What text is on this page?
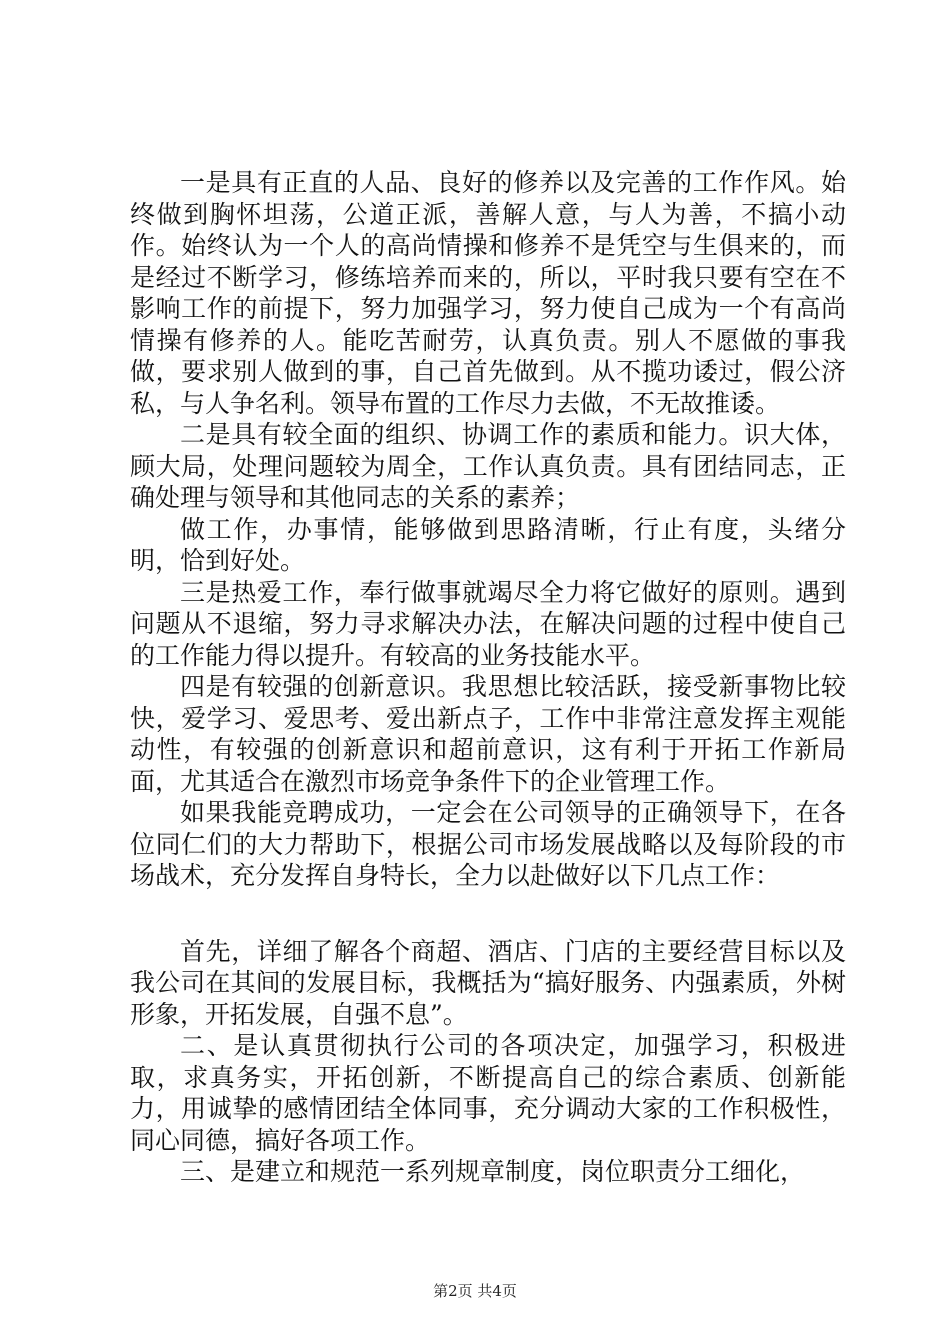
一是具有正直的人品、良好的修养以及完善的工作作风。始终做到胸怀坦荡，公道正派，善解人意，与人为善，不搞小动作。始终认为一个人的高尚情操和修养不是凭空与生俱来的，而是经过不断学习，修练培养而来的，所以，平时我只要有空在不影响工作的前提下，努力加强学习，努力使自己成为一个有高尚情操有修养的人。能吃苦耐劳，认真负责。别人不愿做的事我做，要求别人做到的事，自己首先做到。从不揽功诿过，假公济私，与人争名利。领导布置的工作尽力去做，不无故推诿。

二是具有较全面的组织、协调工作的素质和能力。识大体，顾大局，处理问题较为周全，工作认真负责。具有团结同志，正确处理与领导和其他同志的关系的素养；

做工作，办事情，能够做到思路清晰，行止有度，头绪分明，恰到好处。

三是热爱工作，奉行做事就竭尽全力将它做好的原则。遇到问题从不退缩，努力寻求解决办法，在解决问题的过程中使自己的工作能力得以提升。有较高的业务技能水平。

四是有较强的创新意识。我思想比较活跃，接受新事物比较快，爱学习、爱思考、爱出新点子，工作中非常注意发挥主观能动性，有较强的创新意识和超前意识，这有利于开拓工作新局面，尤其适合在激烈市场竞争条件下的企业管理工作。

如果我能竞聘成功，一定会在公司领导的正确领导下，在各位同仁们的大力帮助下，根据公司市场发展战略以及每阶段的市场战术，充分发挥自身特长，全力以赴做好以下几点工作：

首先，详细了解各个商超、酒店、门店的主要经营目标以及我公司在其间的发展目标，我概括为“搞好服务、内强素质，外树形象，开拓发展，自强不息”。

二、是认真贯彻执行公司的各项决定，加强学习，积极进取，求真务实，开拓创新，不断提高自己的综合素质、创新能力，用诚挚的感情团结全体同事，充分调动大家的工作积极性，同心同德，搞好各项工作。

三、是建立和规范一系列规章制度，岗位职责分工细化，

第2页 共4页
